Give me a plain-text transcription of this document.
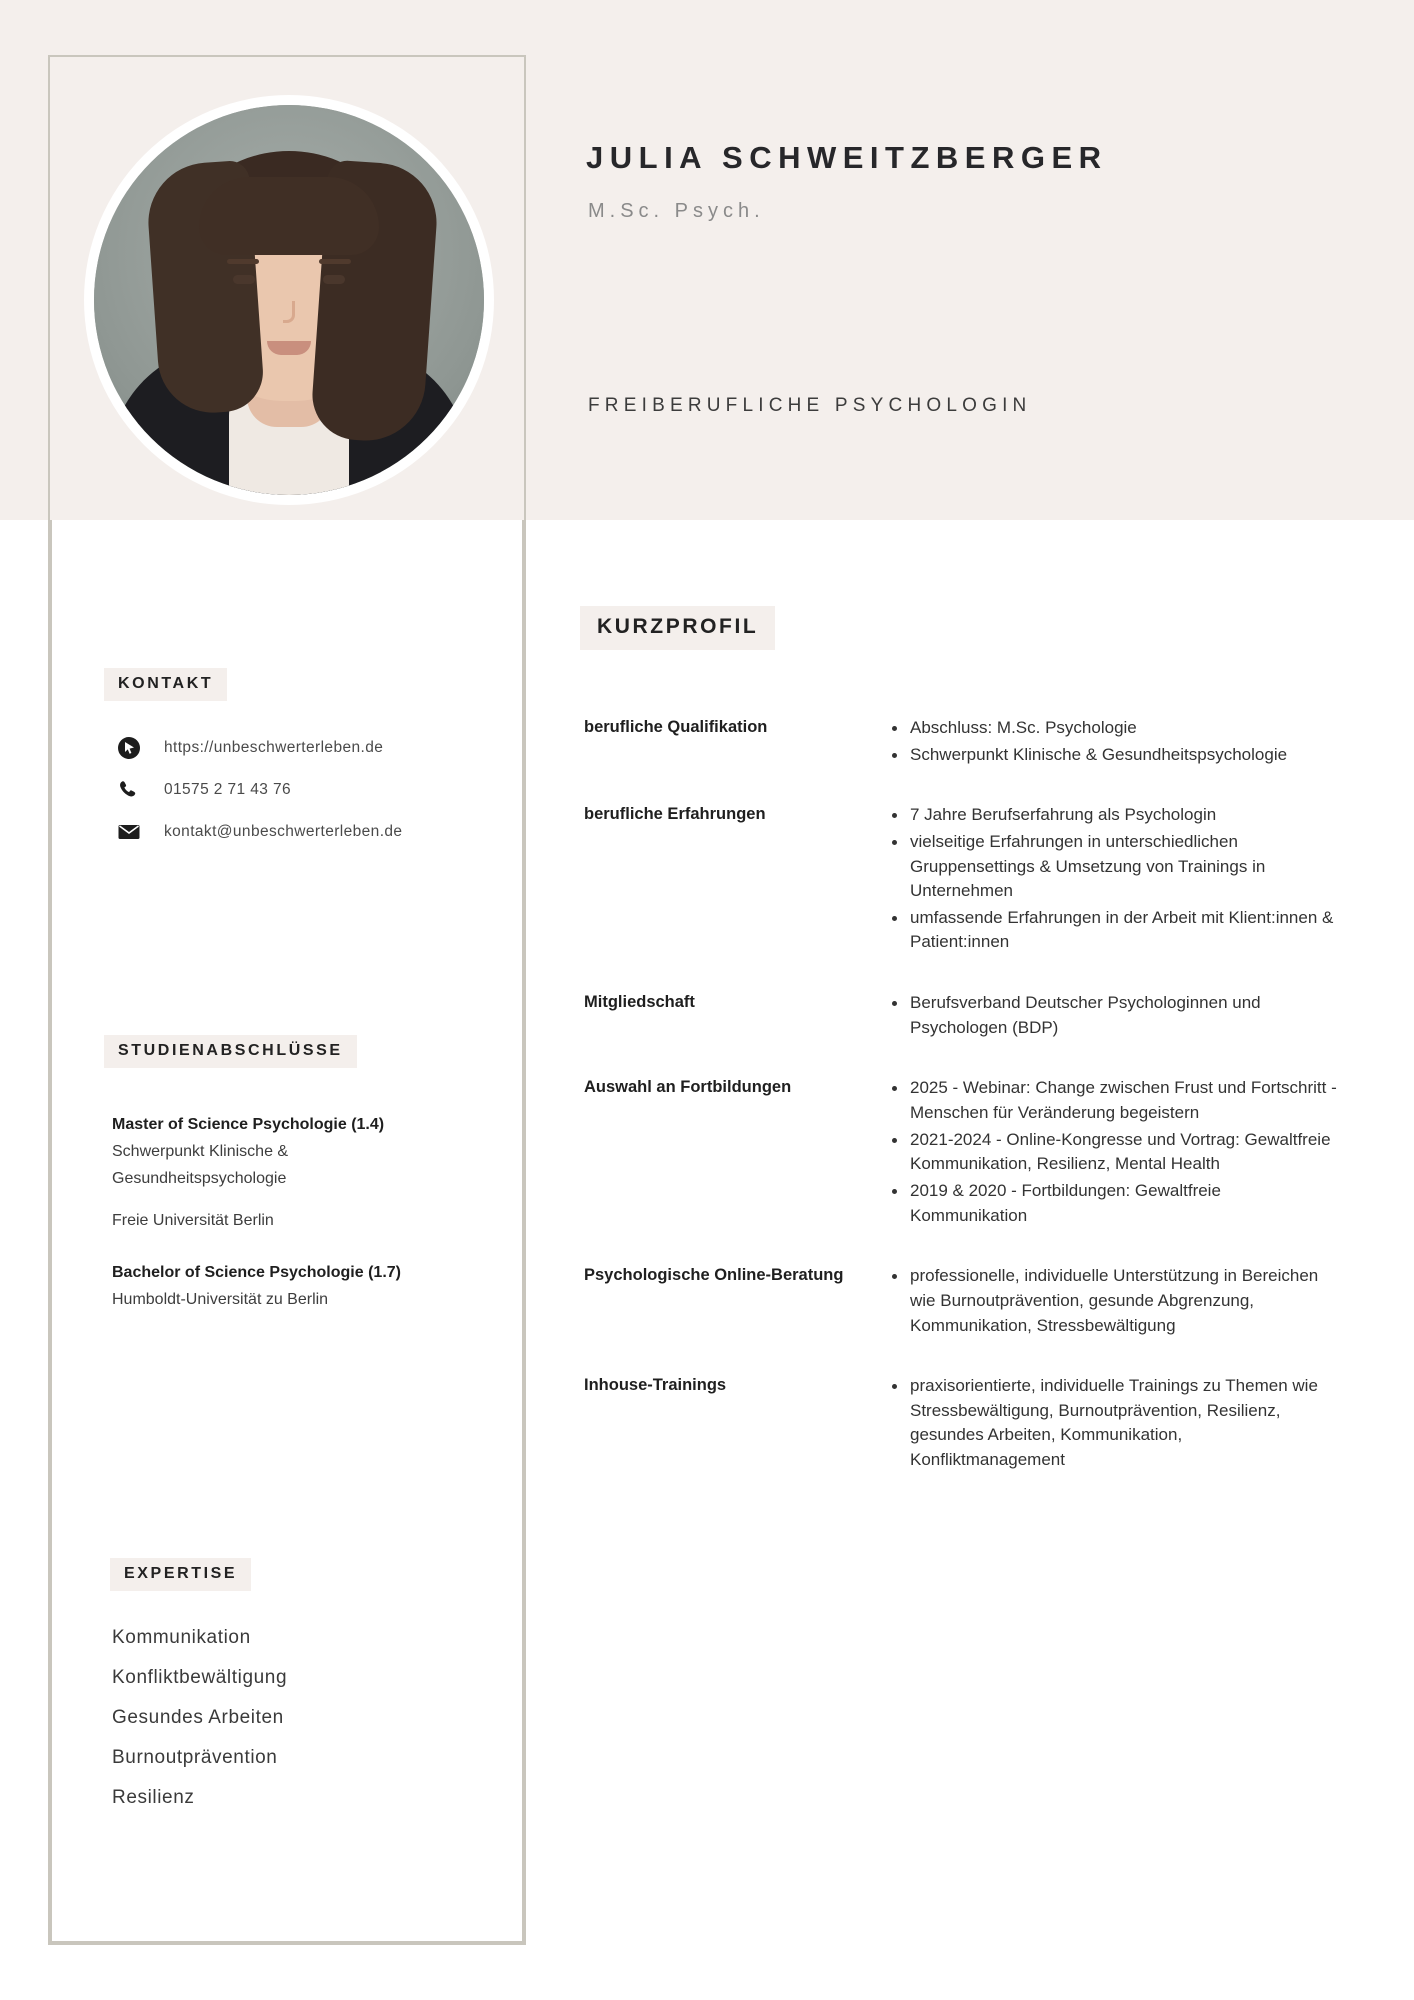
JULIA SCHWEITZBERGER
M.Sc. Psych.
FREIBERUFLICHE PSYCHOLOGIN
KURZPROFIL
KONTAKT
STUDIENABSCHLÜSSE
EXPERTISE
https://unbeschwerterleben.de
01575 2 71 43 76
kontakt@unbeschwerterleben.de
Master of Science Psychologie (1.4)
Schwerpunkt Klinische &
Gesundheitspsychologie
Freie Universität Berlin
Bachelor of Science Psychologie (1.7)
Humboldt-Universität zu Berlin
Kommunikation
Konfliktbewältigung
Gesundes Arbeiten
Burnoutprävention
Resilienz
berufliche Qualifikation	Abschluss: M.Sc. Psychologie
Schwerpunkt Klinische & Gesundheitspsychologie
berufliche Erfahrungen	7 Jahre Berufserfahrung als Psychologin
vielseitige Erfahrungen in unterschiedlichen Gruppensettings & Umsetzung von Trainings in Unternehmen
umfassende Erfahrungen in der Arbeit mit Klient:innen & Patient:innen
Mitgliedschaft	Berufsverband Deutscher Psychologinnen und Psychologen (BDP)
Auswahl an Fortbildungen	2025 - Webinar: Change zwischen Frust und Fortschritt - Menschen für Veränderung begeistern
2021-2024 - Online-Kongresse und Vortrag: Gewaltfreie Kommunikation, Resilienz, Mental Health
2019 & 2020 - Fortbildungen: Gewaltfreie Kommunikation
Psychologische Online-Beratung	professionelle, individuelle Unterstützung in Bereichen wie Burnoutprävention, gesunde Abgrenzung, Kommunikation, Stressbewältigung
Inhouse-Trainings	praxisorientierte, individuelle Trainings zu Themen wie Stressbewältigung, Burnoutprävention, Resilienz, gesundes Arbeiten, Kommunikation, Konfliktmanagement
